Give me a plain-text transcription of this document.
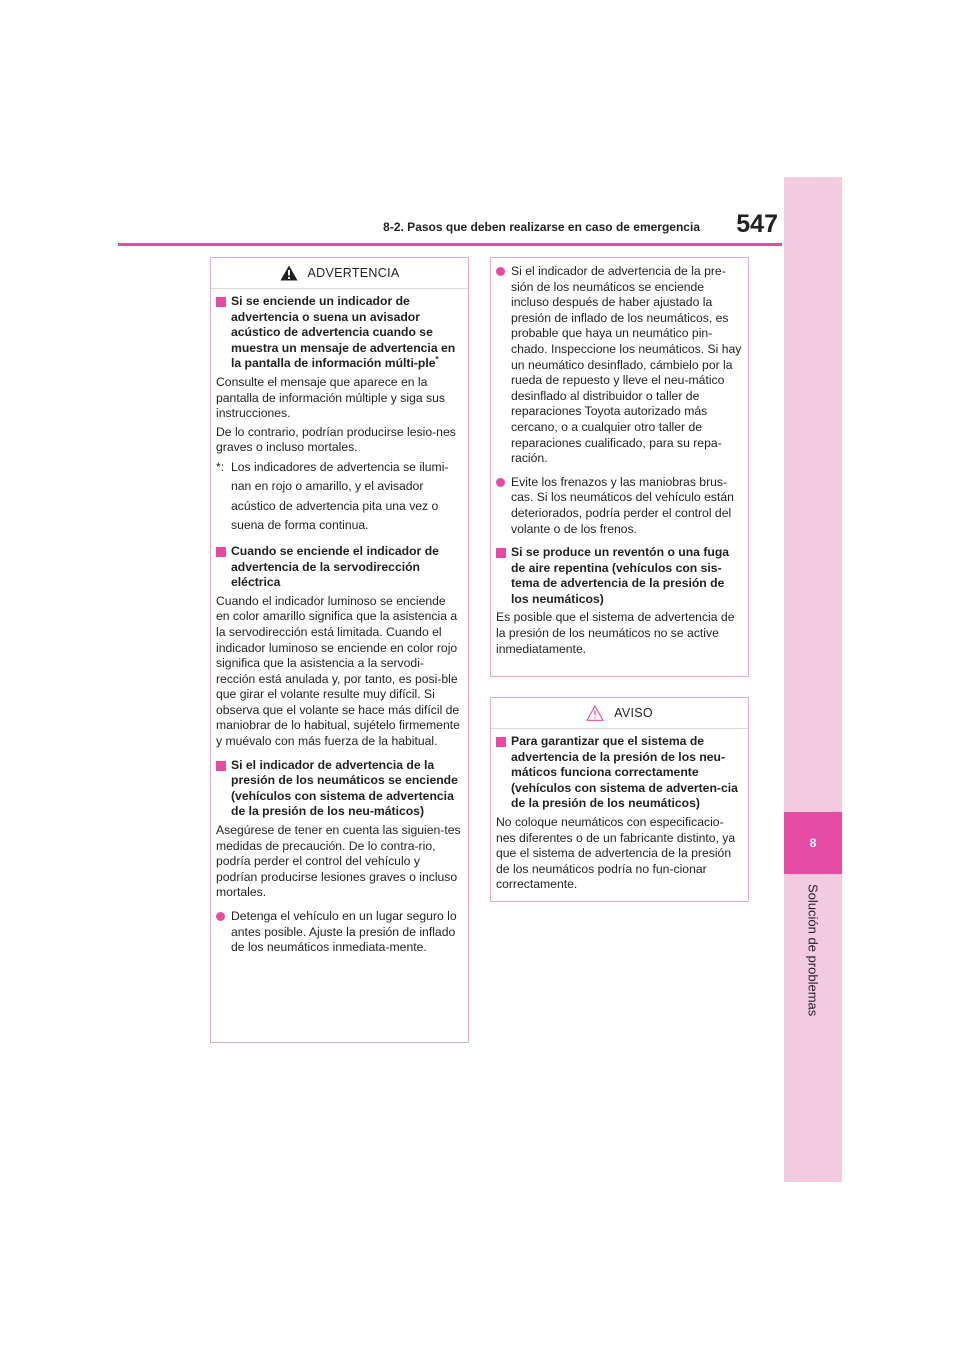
8-2. Pasos que deben realizarse en caso de emergencia	547
8
Solución de problemas
ADVERTENCIA
Si se enciende un indicador de advertencia o suena un avisador acústico de advertencia cuando se muestra un mensaje de advertencia en la pantalla de información múlti-ple*
Consulte el mensaje que aparece en la pantalla de información múltiple y siga sus instrucciones.
De lo contrario, podrían producirse lesio-nes graves o incluso mortales.
*: Los indicadores de advertencia se ilumi-nan en rojo o amarillo, y el avisador acústico de advertencia pita una vez o suena de forma continua.
Cuando se enciende el indicador de advertencia de la servodirección eléctrica
Cuando el indicador luminoso se enciende en color amarillo significa que la asistencia a la servodirección está limitada. Cuando el indicador luminoso se enciende en color rojo significa que la asistencia a la servodi-rección está anulada y, por tanto, es posi-ble que girar el volante resulte muy difícil. Si observa que el volante se hace más difícil de maniobrar de lo habitual, sujételo firmemente y muévalo con más fuerza de la habitual.
Si el indicador de advertencia de la presión de los neumáticos se enciende (vehículos con sistema de advertencia de la presión de los neu-máticos)
Asegúrese de tener en cuenta las siguien-tes medidas de precaución. De lo contra-rio, podría perder el control del vehículo y podrían producirse lesiones graves o incluso mortales.
Detenga el vehículo en un lugar seguro lo antes posible. Ajuste la presión de inflado de los neumáticos inmediata-mente.
Si el indicador de advertencia de la pre-sión de los neumáticos se enciende incluso después de haber ajustado la presión de inflado de los neumáticos, es probable que haya un neumático pin-chado. Inspeccione los neumáticos. Si hay un neumático desinflado, cámbielo por la rueda de repuesto y lleve el neu-mático desinflado al distribuidor o taller de reparaciones Toyota autorizado más cercano, o a cualquier otro taller de reparaciones cualificado, para su repa-ración.
Evite los frenazos y las maniobras brus-cas. Si los neumáticos del vehículo están deteriorados, podría perder el control del volante o de los frenos.
Si se produce un reventón o una fuga de aire repentina (vehículos con sis-tema de advertencia de la presión de los neumáticos)
Es posible que el sistema de advertencia de la presión de los neumáticos no se active inmediatamente.
AVISO
Para garantizar que el sistema de advertencia de la presión de los neu-máticos funciona correctamente (vehículos con sistema de adverten-cia de la presión de los neumáticos)
No coloque neumáticos con especificacio-nes diferentes o de un fabricante distinto, ya que el sistema de advertencia de la presión de los neumáticos podría no fun-cionar correctamente.
